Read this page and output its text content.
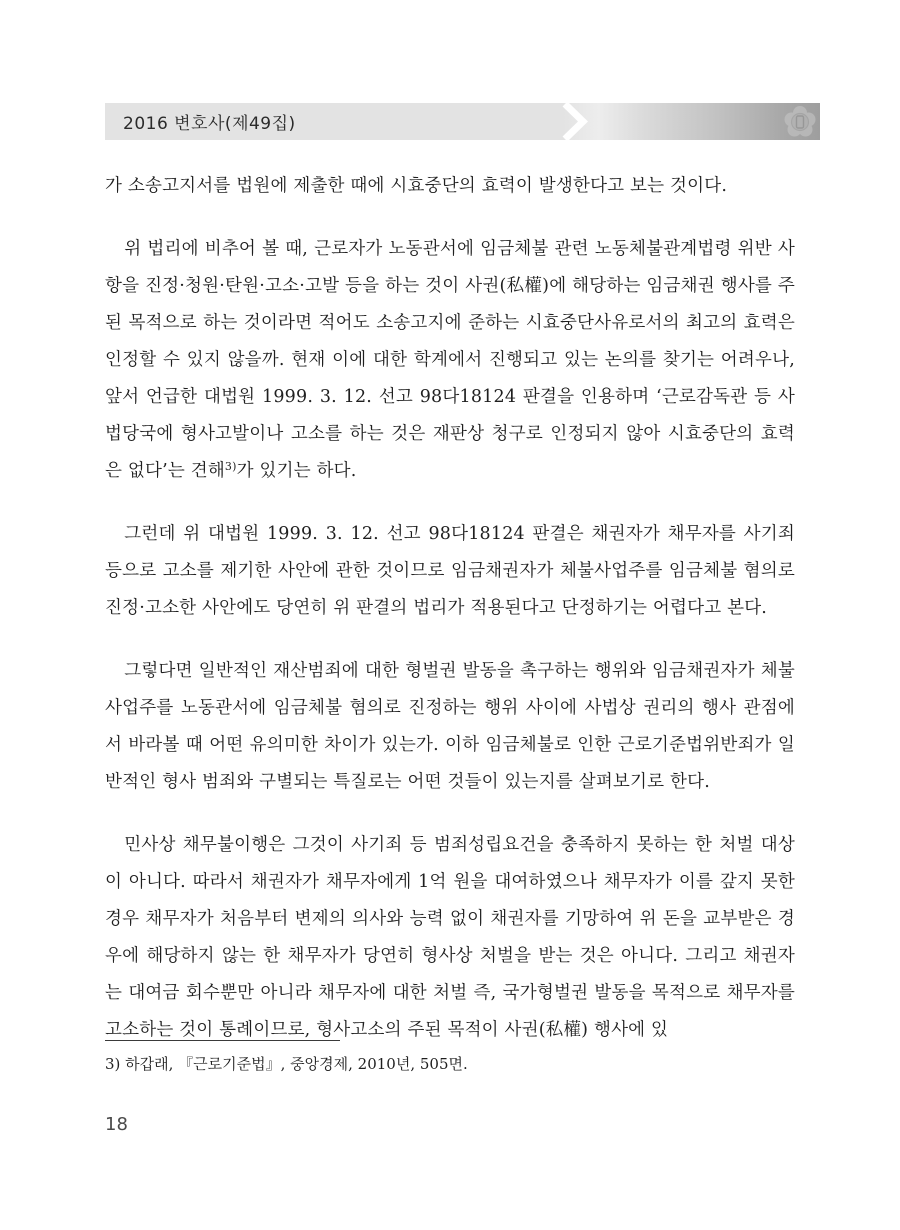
2016 변호사(제49집)

가 소송고지서를 법원에 제출한 때에 시효중단의 효력이 발생한다고 보는 것이다.

위 법리에 비추어 볼 때, 근로자가 노동관서에 임금체불 관련 노동체불관계법령 위반 사항을 진정·청원·탄원·고소·고발 등을 하는 것이 사권(私權)에 해당하는 임금채권 행사를 주된 목적으로 하는 것이라면 적어도 소송고지에 준하는 시효중단사유로서의 최고의 효력은 인정할 수 있지 않을까. 현재 이에 대한 학계에서 진행되고 있는 논의를 찾기는 어려우나, 앞서 언급한 대법원 1999. 3. 12. 선고 98다18124 판결을 인용하며 ‘근로감독관 등 사법당국에 형사고발이나 고소를 하는 것은 재판상 청구로 인정되지 않아 시효중단의 효력은 없다’는 견해$^{3)}$가 있기는 하다.

그런데 위 대법원 1999. 3. 12. 선고 98다18124 판결은 채권자가 채무자를 사기죄 등으로 고소를 제기한 사안에 관한 것이므로 임금채권자가 체불사업주를 임금체불 혐의로 진정·고소한 사안에도 당연히 위 판결의 법리가 적용된다고 단정하기는 어렵다고 본다.

그렇다면 일반적인 재산범죄에 대한 형벌권 발동을 촉구하는 행위와 임금채권자가 체불사업주를 노동관서에 임금체불 혐의로 진정하는 행위 사이에 사법상 권리의 행사 관점에서 바라볼 때 어떤 유의미한 차이가 있는가. 이하 임금체불로 인한 근로기준법위반죄가 일반적인 형사 범죄와 구별되는 특질로는 어떤 것들이 있는지를 살펴보기로 한다.

민사상 채무불이행은 그것이 사기죄 등 범죄성립요건을 충족하지 못하는 한 처벌 대상이 아니다. 따라서 채권자가 채무자에게 1억 원을 대여하였으나 채무자가 이를 갚지 못한 경우 채무자가 처음부터 변제의 의사와 능력 없이 채권자를 기망하여 위 돈을 교부받은 경우에 해당하지 않는 한 채무자가 당연히 형사상 처벌을 받는 것은 아니다. 그리고 채권자는 대여금 회수뿐만 아니라 채무자에 대한 처벌 즉, 국가형벌권 발동을 목적으로 채무자를 고소하는 것이 통례이므로, 형사고소의 주된 목적이 사권(私權) 행사에 있

3) 하갑래, 『근로기준법』, 중앙경제, 2010년, 505면.
18
